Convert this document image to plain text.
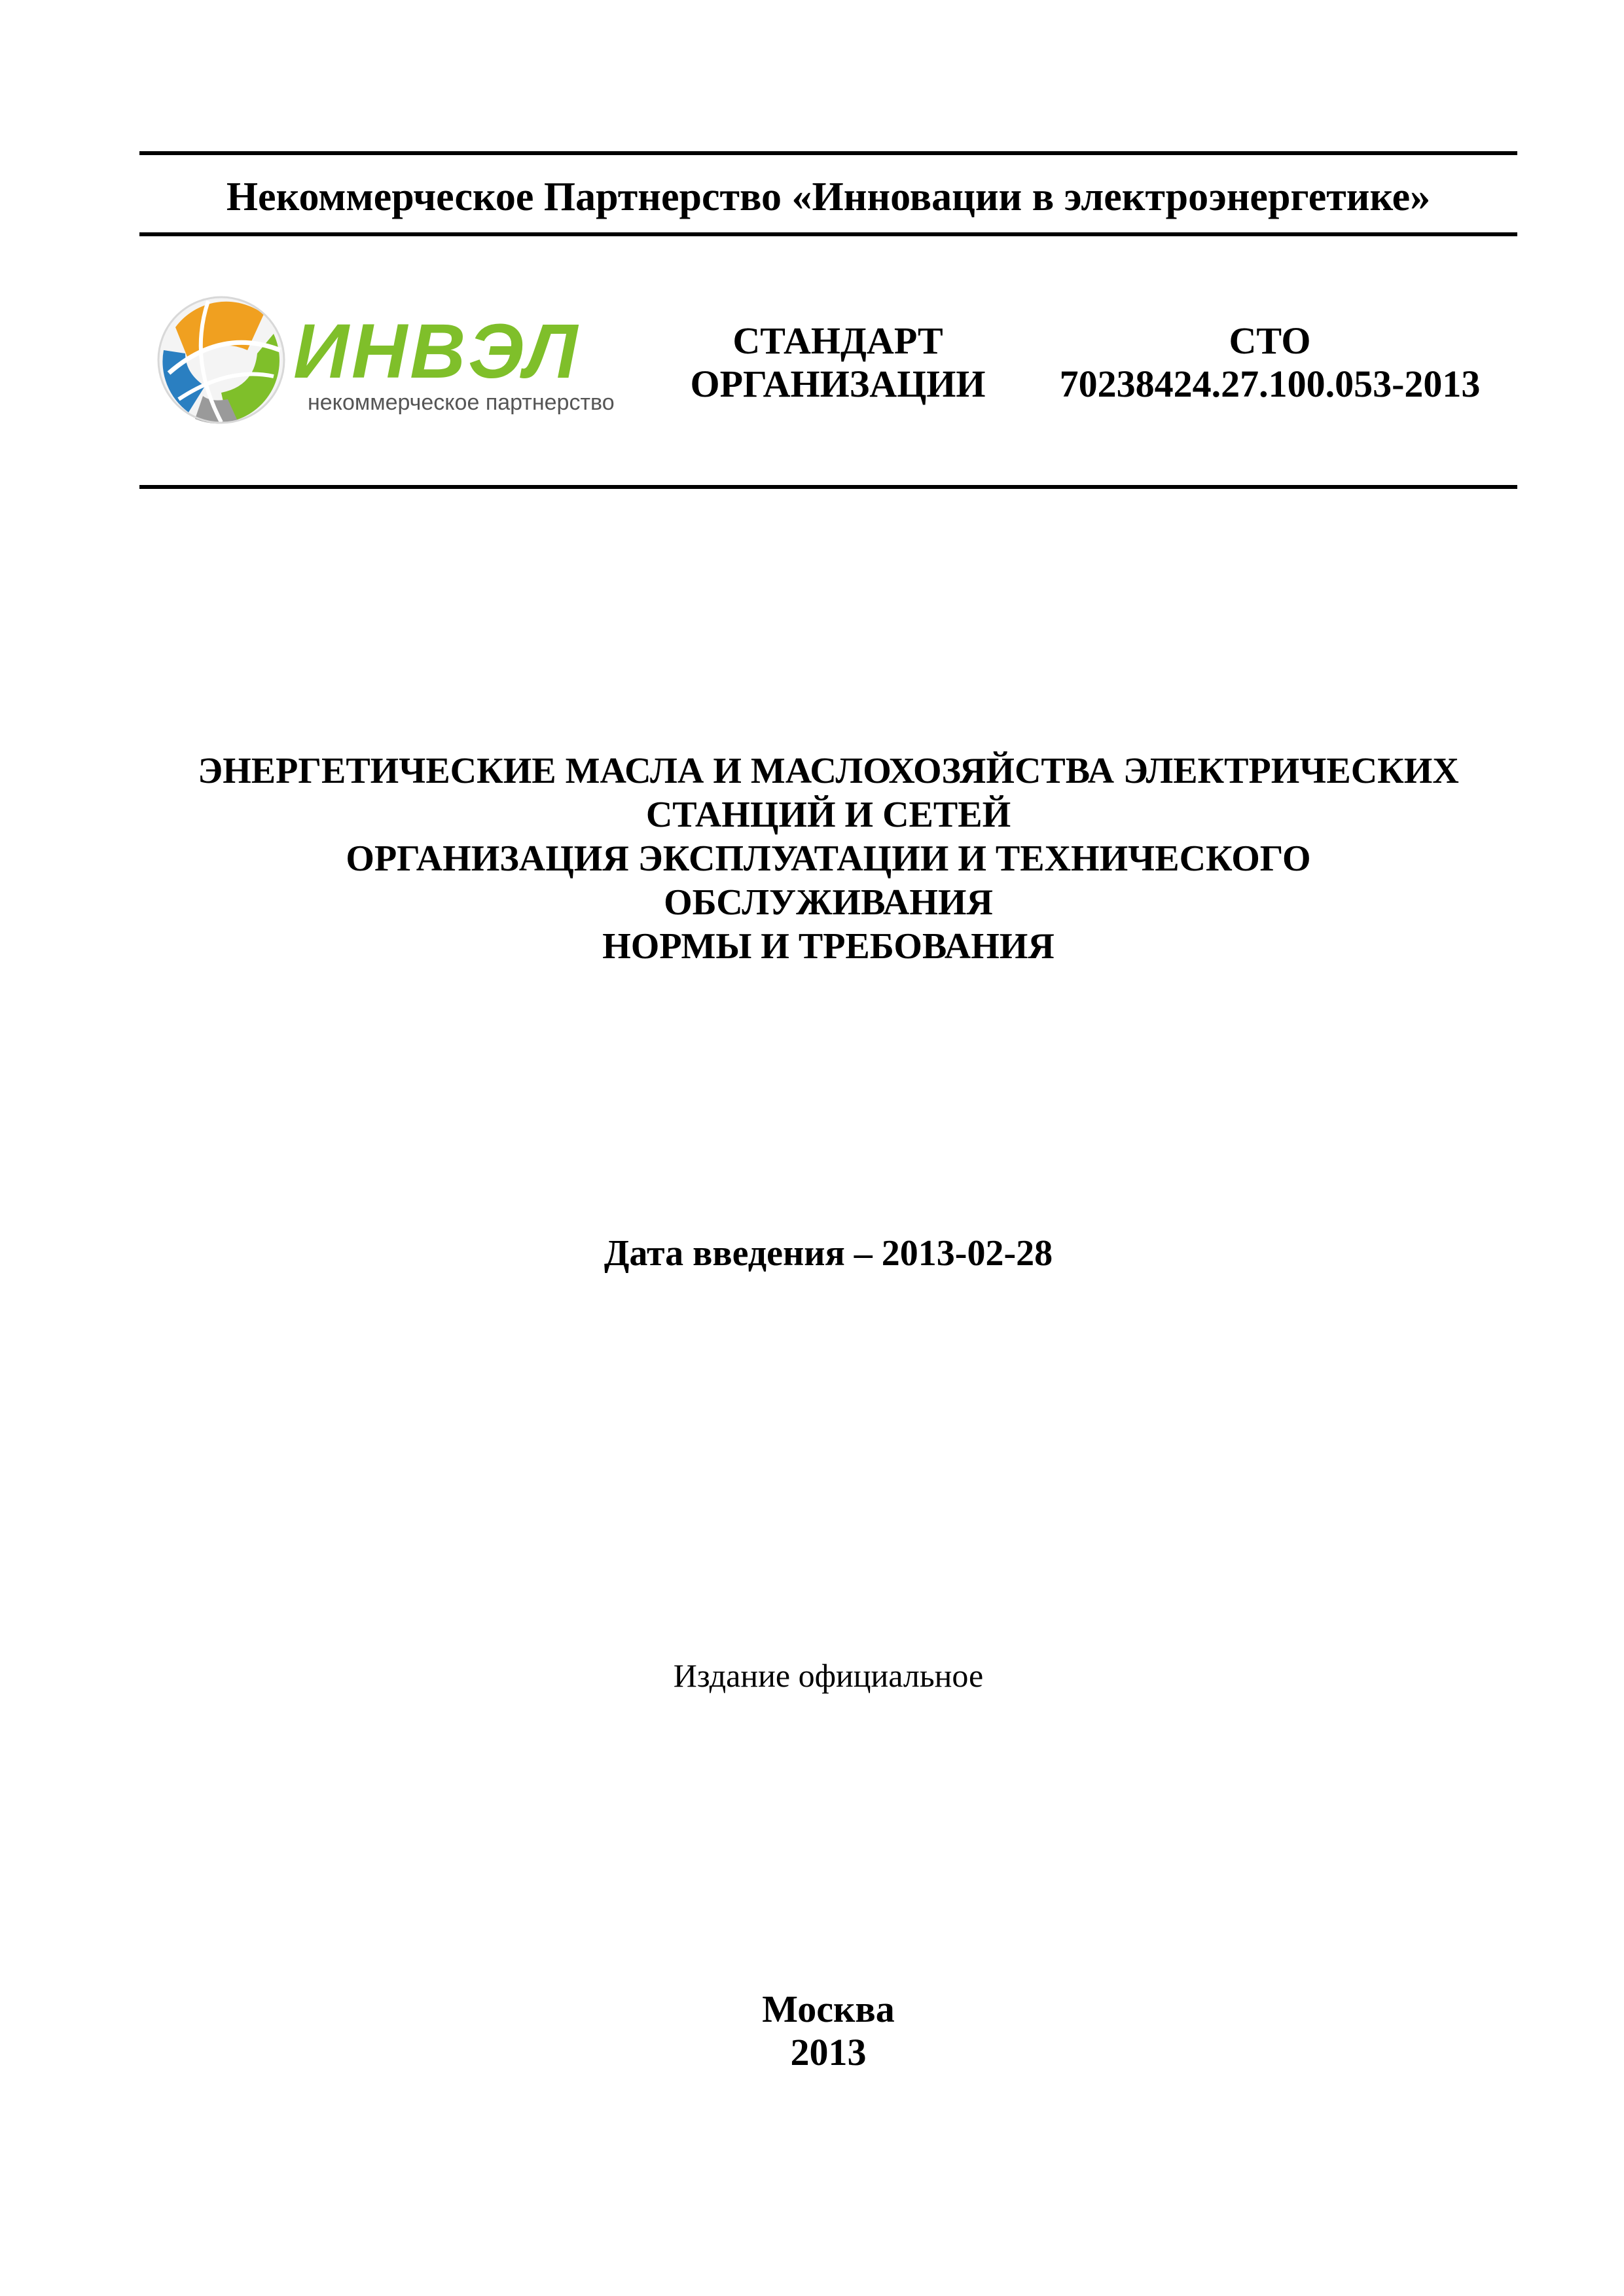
Некоммерческое Партнерство «Инновации в электроэнергетике»
ИНВЭЛ
некоммерческое партнерство
СТАНДАРТ
ОРГАНИЗАЦИИ
СТО
70238424.27.100.053-2013
ЭНЕРГЕТИЧЕСКИЕ МАСЛА И МАСЛОХОЗЯЙСТВА ЭЛЕКТРИЧЕСКИХ
СТАНЦИЙ И СЕТЕЙ
ОРГАНИЗАЦИЯ ЭКСПЛУАТАЦИИ И ТЕХНИЧЕСКОГО
ОБСЛУЖИВАНИЯ
НОРМЫ И ТРЕБОВАНИЯ
Дата введения – 2013-02-28
Издание официальное
Москва
2013
